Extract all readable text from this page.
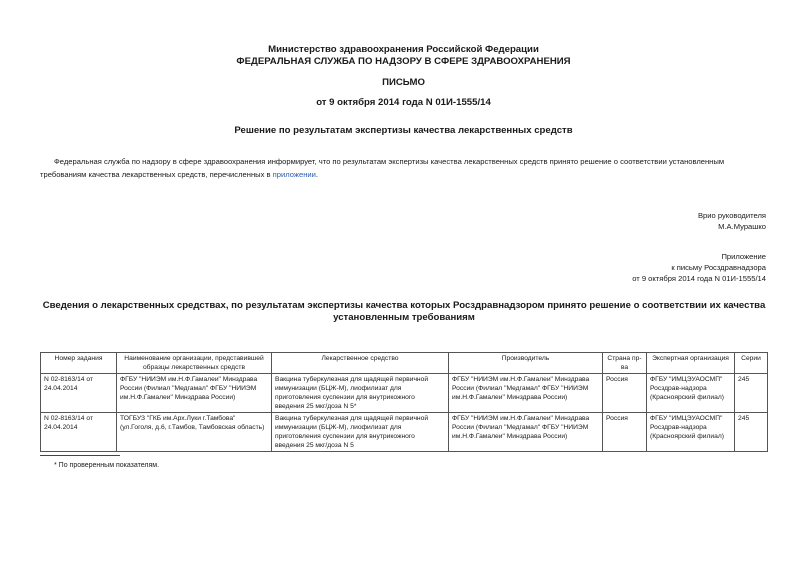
Министерство здравоохранения Российской Федерации
ФЕДЕРАЛЬНАЯ СЛУЖБА ПО НАДЗОРУ В СФЕРЕ ЗДРАВООХРАНЕНИЯ
ПИСЬМО
от 9 октября 2014 года N 01И-1555/14
Решение по результатам экспертизы качества лекарственных средств
Федеральная служба по надзору в сфере здравоохранения информирует, что по результатам экспертизы качества лекарственных средств принято решение о соответствии установленным требованиям качества лекарственных средств, перечисленных в приложении.
Врио руководителя
М.А.Мурашко
Приложение
к письму Росздравнадзора
от 9 октября 2014 года N 01И-1555/14
Сведения о лекарственных средствах, по результатам экспертизы качества которых Росздравнадзором принято решение о соответствии их качества установленным требованиям
Номер задания	Наименование организации, представившей образцы лекарственных средств	Лекарственное средство	Производитель	Страна пр-ва	Экспертная организация	Серии
N 02-8163/14 от 24.04.2014	ФГБУ "НИИЭМ им.Н.Ф.Гамалеи" Минздрава России (Филиал "Медгамал" ФГБУ "НИИЭМ им.Н.Ф.Гамалеи" Минздрава России)	Вакцина туберкулезная для щадящей первичной иммунизации (БЦЖ-М), лиофилизат для приготовления суспензии для внутрикожного введения 25 мкг/доза N 5*	ФГБУ "НИИЭМ им.Н.Ф.Гамалеи" Минздрава России (Филиал "Медгамал" ФГБУ "НИИЭМ им.Н.Ф.Гамалеи" Минздрава России)	Россия	ФГБУ "ИМЦЭУАОСМП" Росздрав-надзора (Красноярский филиал)	245
N 02-8163/14 от 24.04.2014	ТОГБУЗ "ГКБ им.Арх.Луки г.Тамбова" (ул.Гоголя, д.6, г.Тамбов, Тамбовская область)	Вакцина туберкулезная для щадящей первичной иммунизации (БЦЖ-М), лиофилизат для приготовления суспензии для внутрикожного введения 25 мкг/доза N 5	ФГБУ "НИИЭМ им.Н.Ф.Гамалеи" Минздрава России (Филиал "Медгамал" ФГБУ "НИИЭМ им.Н.Ф.Гамалеи" Минздрава России)	Россия	ФГБУ "ИМЦЭУАОСМП" Росздрав-надзора (Красноярский филиал)	245
* По проверенным показателям.
